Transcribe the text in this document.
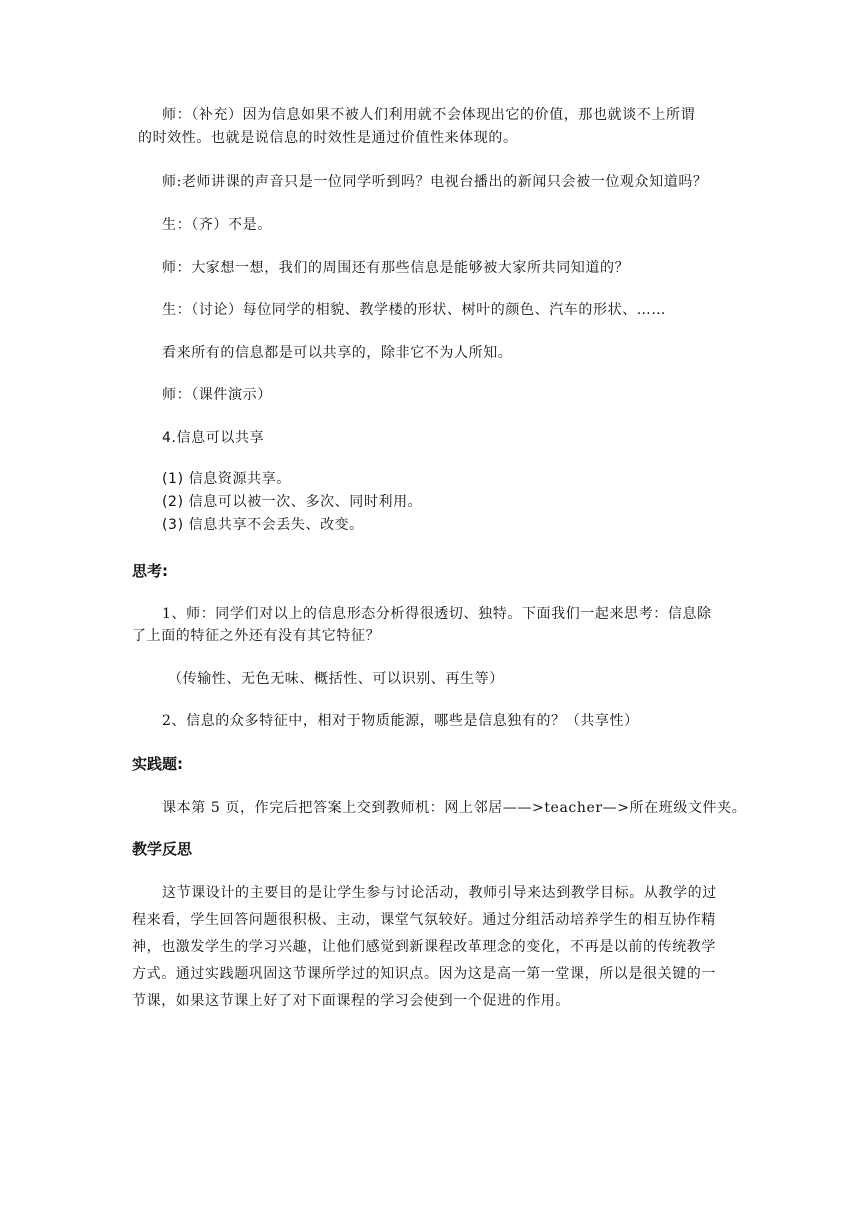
师：（补充）因为信息如果不被人们利用就不会体现出它的价值，那也就谈不上所谓
的时效性。也就是说信息的时效性是通过价值性来体现的。
师:老师讲课的声音只是一位同学听到吗？电视台播出的新闻只会被一位观众知道吗？
生：（齐）不是。
师：大家想一想，我们的周围还有那些信息是能够被大家所共同知道的？
生：（讨论）每位同学的相貌、教学楼的形状、树叶的颜色、汽车的形状、……
看来所有的信息都是可以共享的，除非它不为人所知。
师：（课件演示）
4.信息可以共享
(1) 信息资源共享。
(2) 信息可以被一次、多次、同时利用。
(3) 信息共享不会丢失、改变。
思考:
1、师：同学们对以上的信息形态分析得很透切、独特。下面我们一起来思考：信息除
了上面的特征之外还有没有其它特征？
（传输性、无色无味、概括性、可以识别、再生等）
2、信息的众多特征中，相对于物质能源，哪些是信息独有的？（共享性）
实践题:
课本第 5 页，作完后把答案上交到教师机：网上邻居——>teacher—>所在班级文件夹。
教学反思
这节课设计的主要目的是让学生参与讨论活动，教师引导来达到教学目标。从教学的过
程来看，学生回答问题很积极、主动，课堂气氛较好。通过分组活动培养学生的相互协作精
神，也激发学生的学习兴趣，让他们感觉到新课程改革理念的变化，不再是以前的传统教学
方式。通过实践题巩固这节课所学过的知识点。因为这是高一第一堂课，所以是很关键的一
节课，如果这节课上好了对下面课程的学习会使到一个促进的作用。
